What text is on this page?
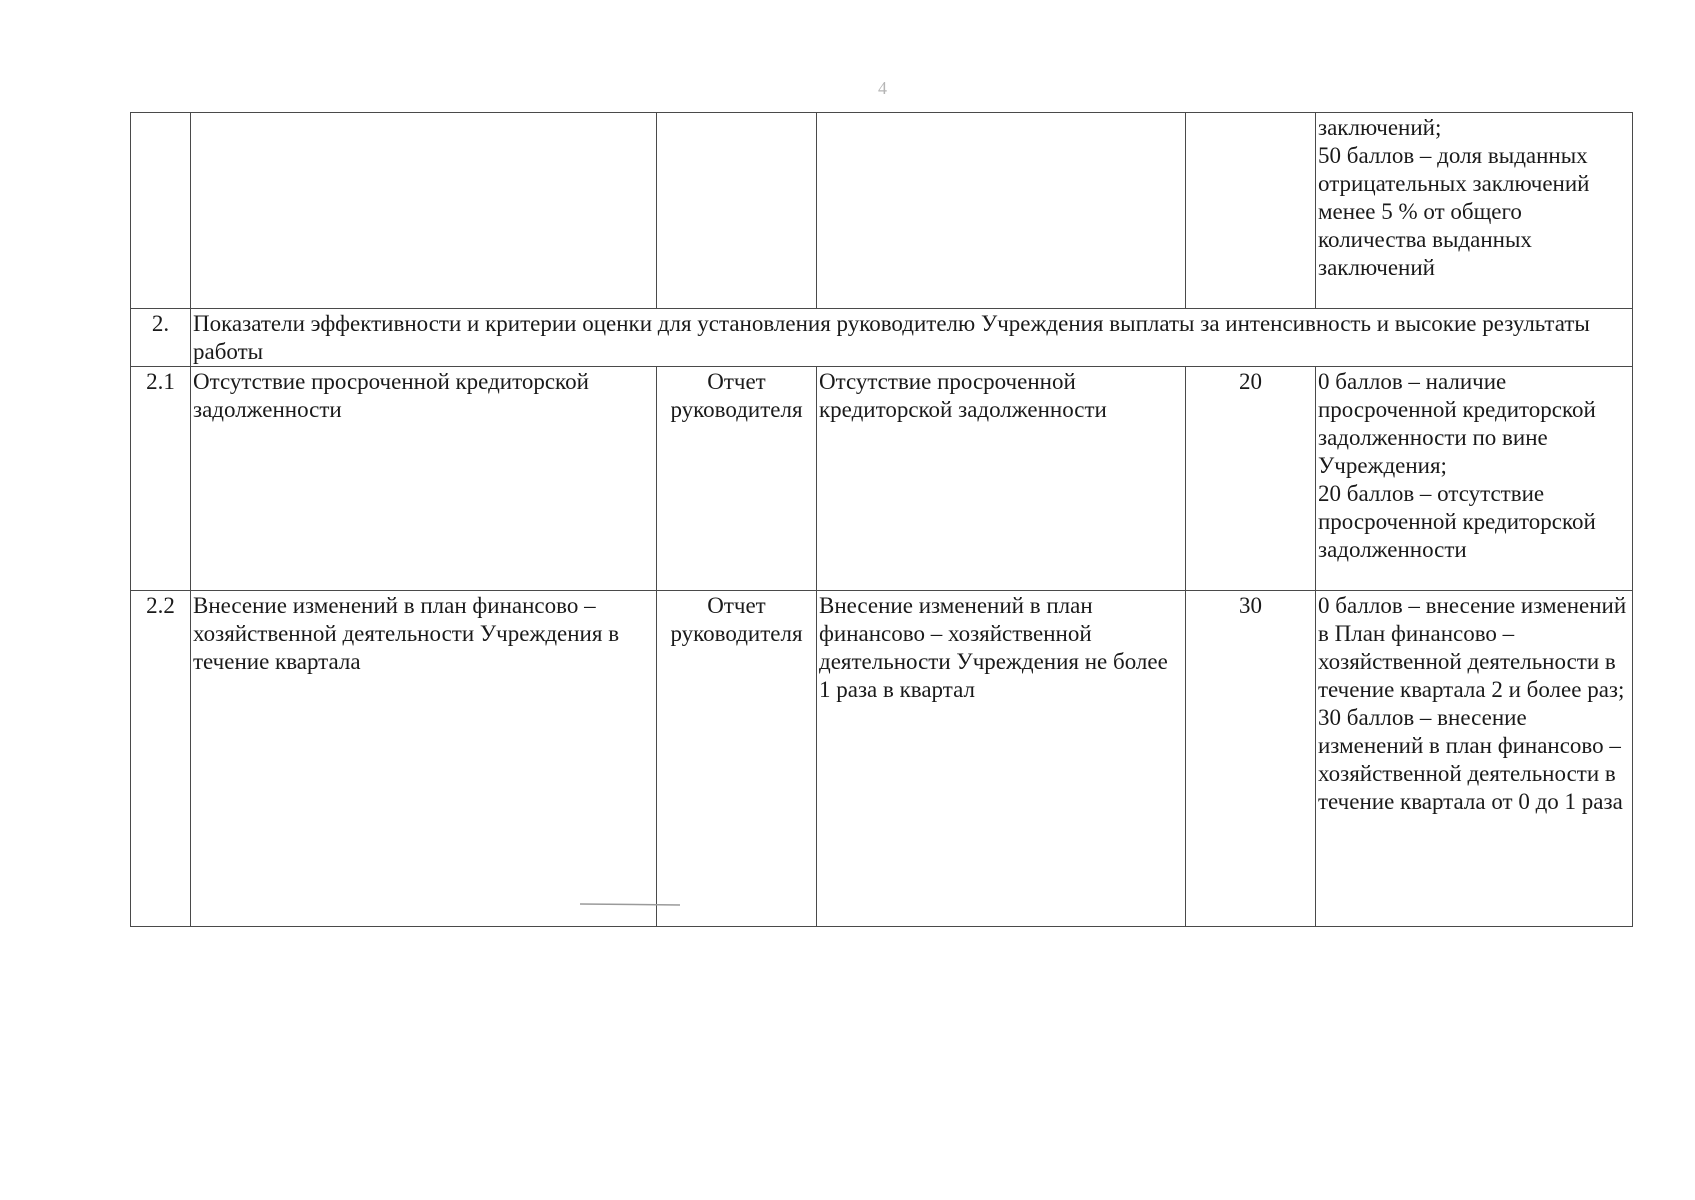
4
					заключений;
50 баллов – доля выданных отрицательных заключений менее 5 % от общего количества выданных заключений
2.	Показатели эффективности и критерии оценки для установления руководителю Учреждения выплаты за интенсивность и высокие результаты работы				
2.1	Отсутствие просроченной кредиторской задолженности	Отчет руководителя	Отсутствие просроченной кредиторской задолженности	20	0 баллов – наличие просроченной кредиторской задолженности по вине Учреждения;
20 баллов – отсутствие просроченной кредиторской задолженности
2.2	Внесение изменений в план финансово – хозяйственной деятельности Учреждения в течение квартала	Отчет руководителя	Внесение изменений в план финансово – хозяйственной деятельности Учреждения не более 1 раза в квартал	30	0 баллов – внесение изменений в План финансово – хозяйственной деятельности в течение квартала 2 и более раз;
30 баллов – внесение изменений в план финансово – хозяйственной деятельности в течение квартала от 0 до 1 раза
